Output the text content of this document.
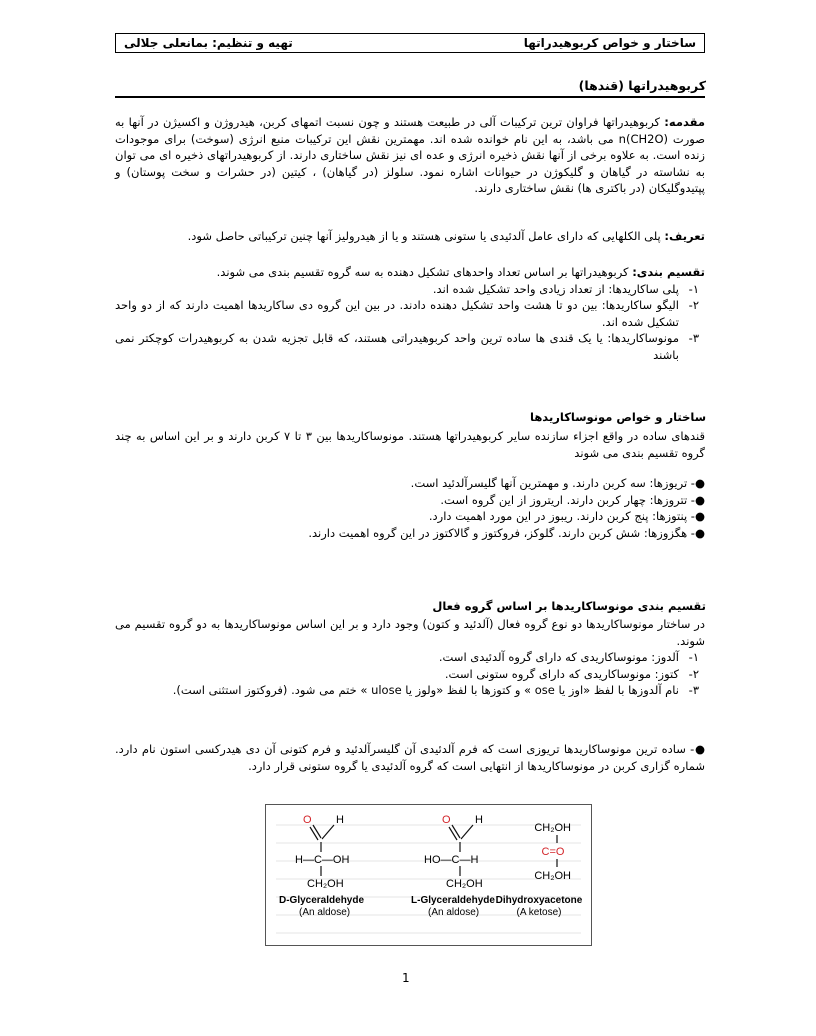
ساختار و خواص کربوهیدراتها
تهیه و تنظیم: بمانعلی جلالی
کربوهیدراتها (قندها)
مقدمه: کربوهیدراتها فراوان ترین ترکیبات آلی در طبیعت هستند و چون نسبت اتمهای کربن، هیدروژن و اکسیژن در آنها به صورت (CH2O)n می باشد، به این نام خوانده شده اند. مهمترین نقش این ترکیبات منبع انرژی (سوخت) برای موجودات زنده است. به علاوه برخی از آنها نقش ذخیره انرژی و عده ای نیز نقش ساختاری دارند. از کربوهیدراتهای ذخیره ای می توان به نشاسته در گیاهان و گلیکوژن در حیوانات اشاره نمود. سلولز (در گیاهان) ، کیتین (در حشرات و سخت پوستان) و پپتیدوگلیکان (در باکتری ها) نقش ساختاری دارند.
تعریف: پلی الکلهایی که دارای عامل آلدئیدی یا ستونی هستند و یا از هیدرولیز آنها چنین ترکیباتی حاصل شود.
تقسیم بندی: کربوهیدراتها بر اساس تعداد واحدهای تشکیل دهنده به سه گروه تقسیم بندی می شوند.
۱-
پلی ساکاریدها: از تعداد زیادی واحد تشکیل شده اند.
۲-
الیگو ساکاریدها: بین دو تا هشت واحد تشکیل دهنده دادند. در بین این گروه دی ساکاریدها اهمیت دارند که از دو واحد تشکیل شده اند.
۳-
مونوساکاریدها: یا یک قندی ها ساده ترین واحد کربوهیدراتی هستند، که قابل تجزیه شدن به کربوهیدرات کوچکتر نمی باشند
ساختار و خواص مونوساکاریدها
قندهای ساده در واقع اجزاء سازنده سایر کربوهیدراتها هستند. مونوساکاریدها بین ۳ تا ۷ کربن دارند و بر این اساس به چند گروه تقسیم بندی می شوند
●- تریوزها: سه کربن دارند. و مهمترین آنها گلیسرآلدئید است.
●- تتروزها: چهار کربن دارند. اریتروز از این گروه است.
●- پنتوزها: پنج کربن دارند. ریبوز در این مورد اهمیت دارد.
●- هگزوزها: شش کربن دارند. گلوکز، فروکتوز و گالاکتوز در این گروه اهمیت دارند.
تقسیم بندی مونوساکاریدها بر اساس گروه فعال
در ساختار مونوساکاریدها دو نوع گروه فعال (آلدئید و کتون) وجود دارد و بر این اساس مونوساکاریدها به دو گروه تقسیم می شوند.
۱-
آلدوز: مونوساکاریدی که دارای گروه آلدئیدی است.
۲-
کتوز: مونوساکاریدی که دارای گروه ستونی است.
۳-
نام آلدوزها با لفظ «اوز یا ose » و کتوزها با لفظ «ولوز یا ulose » ختم می شود. (فروکتوز استثنی است).
●- ساده ترین مونوساکاریدها تریوزی است که فرم آلدئیدی آن گلیسرآلدئید و فرم کتونی آن دی هیدرکسی استون نام دارد. شماره گزاری کربن در مونوساکاریدها از انتهایی است که گروه آلدئیدی یا گروه ستونی قرار دارد.
O H
H—C—OH
CH₂OH
D-Glyceraldehyde
(An aldose)
O H
HO—C—H
CH₂OH
L-Glyceraldehyde
(An aldose)
CH₂OH
C=O
CH₂OH
Dihydroxyacetone
(A ketose)
1
